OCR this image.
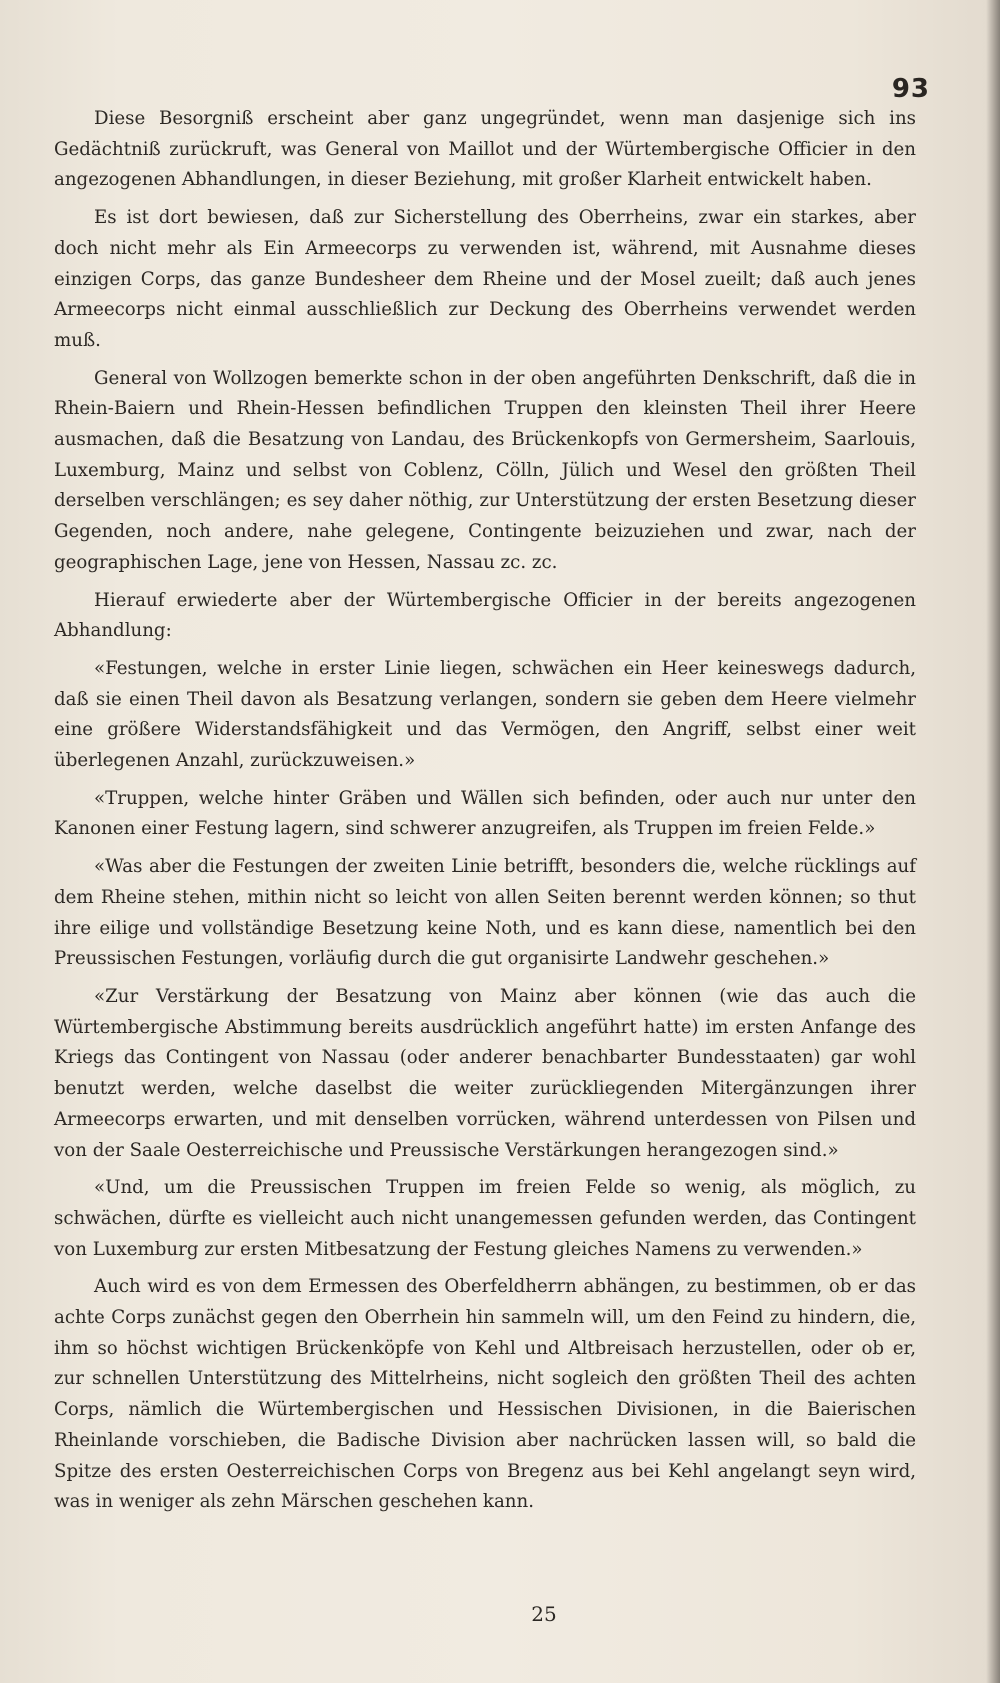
93

Diese Besorgniß erscheint aber ganz ungegründet, wenn man dasjenige sich ins Gedächtniß zurückruft, was General von Maillot und der Würtembergische Officier in den angezogenen Abhandlungen, in dieser Beziehung, mit großer Klarheit entwickelt haben.

Es ist dort bewiesen, daß zur Sicherstellung des Oberrheins, zwar ein starkes, aber doch nicht mehr als Ein Armeecorps zu verwenden ist, während, mit Ausnahme dieses einzigen Corps, das ganze Bundesheer dem Rheine und der Mosel zueilt; daß auch jenes Armeecorps nicht einmal ausschließlich zur Deckung des Oberrheins verwendet werden muß.

General von Wollzogen bemerkte schon in der oben angeführten Denkschrift, daß die in Rhein-Baiern und Rhein-Hessen befindlichen Truppen den kleinsten Theil ihrer Heere ausmachen, daß die Besatzung von Landau, des Brückenkopfs von Germersheim, Saarlouis, Luxemburg, Mainz und selbst von Coblenz, Cölln, Jülich und Wesel den größten Theil derselben verschlängen; es sey daher nöthig, zur Unterstützung der ersten Besetzung dieser Gegenden, noch andere, nahe gelegene, Contingente beizuziehen und zwar, nach der geographischen Lage, jene von Hessen, Nassau zc. zc.

Hierauf erwiederte aber der Würtembergische Officier in der bereits angezogenen Abhandlung:

«Festungen, welche in erster Linie liegen, schwächen ein Heer keineswegs dadurch, daß sie einen Theil davon als Besatzung verlangen, sondern sie geben dem Heere vielmehr eine größere Widerstandsfähigkeit und das Vermögen, den Angriff, selbst einer weit überlegenen Anzahl, zurückzuweisen.»

«Truppen, welche hinter Gräben und Wällen sich befinden, oder auch nur unter den Kanonen einer Festung lagern, sind schwerer anzugreifen, als Truppen im freien Felde.»

«Was aber die Festungen der zweiten Linie betrifft, besonders die, welche rücklings auf dem Rheine stehen, mithin nicht so leicht von allen Seiten berennt werden können; so thut ihre eilige und vollständige Besetzung keine Noth, und es kann diese, namentlich bei den Preussischen Festungen, vorläufig durch die gut organisirte Landwehr geschehen.»

«Zur Verstärkung der Besatzung von Mainz aber können (wie das auch die Würtembergische Abstimmung bereits ausdrücklich angeführt hatte) im ersten Anfange des Kriegs das Contingent von Nassau (oder anderer benachbarter Bundesstaaten) gar wohl benutzt werden, welche daselbst die weiter zurückliegenden Mitergänzungen ihrer Armeecorps erwarten, und mit denselben vorrücken, während unterdessen von Pilsen und von der Saale Oesterreichische und Preussische Verstärkungen herangezogen sind.»

«Und, um die Preussischen Truppen im freien Felde so wenig, als möglich, zu schwächen, dürfte es vielleicht auch nicht unangemessen gefunden werden, das Contingent von Luxemburg zur ersten Mitbesatzung der Festung gleiches Namens zu verwenden.»

Auch wird es von dem Ermessen des Oberfeldherrn abhängen, zu bestimmen, ob er das achte Corps zunächst gegen den Oberrhein hin sammeln will, um den Feind zu hindern, die, ihm so höchst wichtigen Brückenköpfe von Kehl und Altbreisach herzustellen, oder ob er, zur schnellen Unterstützung des Mittelrheins, nicht sogleich den größten Theil des achten Corps, nämlich die Würtembergischen und Hessischen Divisionen, in die Baierischen Rheinlande vorschieben, die Badische Division aber nachrücken lassen will, so bald die Spitze des ersten Oesterreichischen Corps von Bregenz aus bei Kehl angelangt seyn wird, was in weniger als zehn Märschen geschehen kann.

25
